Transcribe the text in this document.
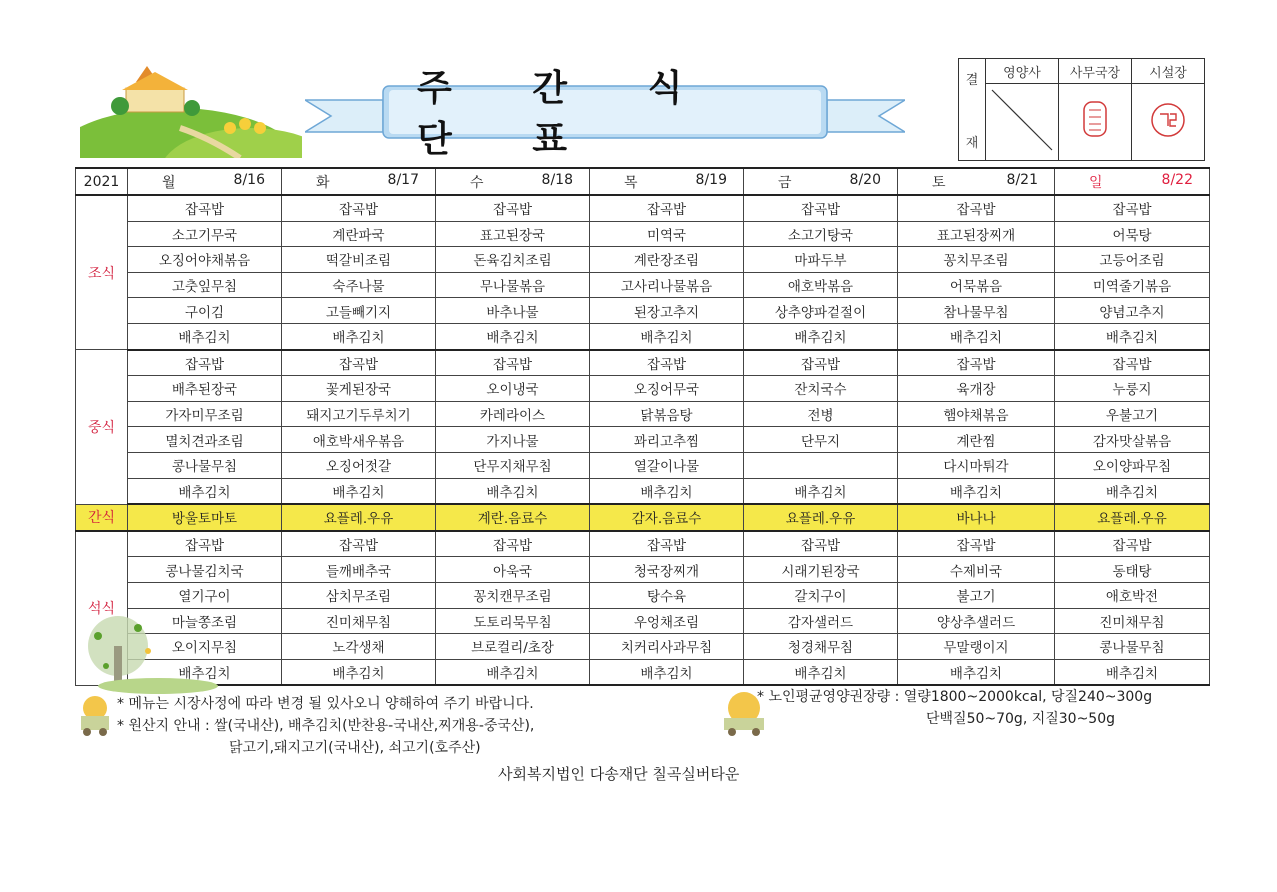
주 간 식 단 표
결
재	영양사	사무국장	시설장

2021	월 8/16	화 8/17	수 8/18	목 8/19	금 8/20	토 8/21	일 8/22

조식	잡곡밥	잡곡밥	잡곡밥	잡곡밥	잡곡밥	잡곡밥	잡곡밥
	소고기무국	계란파국	표고된장국	미역국	소고기탕국	표고된장찌개	어묵탕
	오징어야채볶음	떡갈비조림	돈육김치조림	계란장조림	마파두부	꽁치무조림	고등어조림
	고춧잎무침	숙주나물	무나물볶음	고사리나물볶음	애호박볶음	어묵볶음	미역줄기볶음
	구이김	고들빼기지	바추나물	된장고추지	상추양파겉절이	참나물무침	양념고추지
	배추김치	배추김치	배추김치	배추김치	배추김치	배추김치	배추김치
중식	잡곡밥	잡곡밥	잡곡밥	잡곡밥	잡곡밥	잡곡밥	잡곡밥
	배추된장국	꽃게된장국	오이냉국	오징어무국	잔치국수	육개장	누룽지
	가자미무조림	돼지고기두루치기	카레라이스	닭볶음탕	전병	햄야채볶음	우불고기
	멸치견과조림	애호박새우볶음	가지나물	꽈리고추찜	단무지	계란찜	감자맛살볶음
	콩나물무침	오징어젓갈	단무지채무침	열갈이나물		다시마튀각	오이양파무침
	배추김치	배추김치	배추김치	배추김치	배추김치	배추김치	배추김치
간식	방울토마토	요플레.우유	계란.음료수	감자.음료수	요플레.우유	바나나	요플레.우유
석식	잡곡밥	잡곡밥	잡곡밥	잡곡밥	잡곡밥	잡곡밥	잡곡밥
	콩나물김치국	들깨배추국	아욱국	청국장찌개	시래기된장국	수제비국	동태탕
	열기구이	삼치무조림	꽁치캔무조림	탕수육	갈치구이	불고기	애호박전
	마늘쫑조림	진미채무침	도토리묵무침	우엉채조림	감자샐러드	양상추샐러드	진미채무침
	오이지무침	노각생채	브로컬리/초장	치커리사과무침	청경채무침	무말랭이지	콩나물무침
	배추김치	배추김치	배추김치	배추김치	배추김치	배추김치	배추김치
* 메뉴는 시장사정에 따라 변경 될 있사오니 양해하여 주기 바랍니다.
* 원산지 안내 : 쌀(국내산), 배추김치(반찬용-국내산,찌개용-중국산),
닭고기,돼지고기(국내산), 쇠고기(호주산)
* 노인평균영양권장량 : 열량1800~2000kcal, 당질240~300g
단백질50~70g, 지질30~50g
사회복지법인 다송재단 칠곡실버타운
